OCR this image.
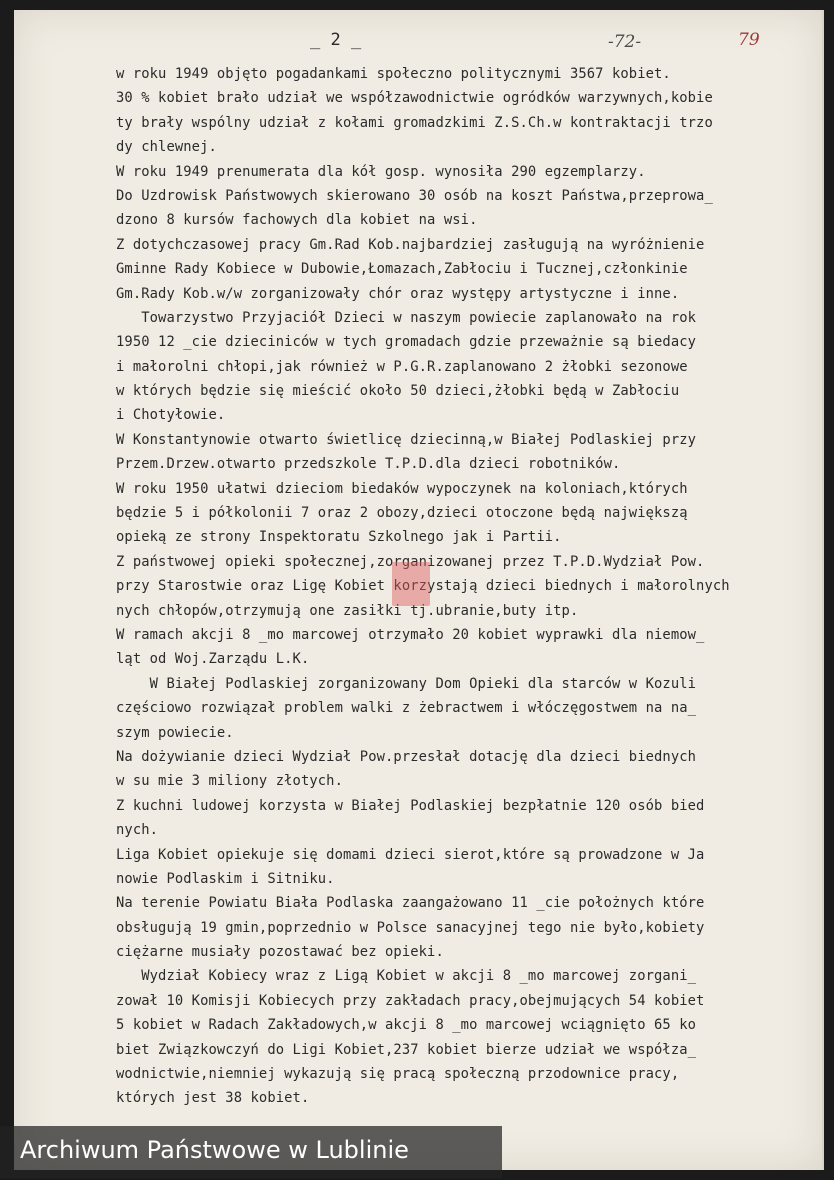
_ 2 _	-72-	79
w roku 1949 objęto pogadankami społeczno politycznymi 3567 kobiet.
30 % kobiet brało udział we współzawodnictwie ogródków warzywnych,kobie
ty brały wspólny udział z kołami gromadzkimi Z.S.Ch.w kontraktacji trzo
dy chlewnej.
W roku 1949 prenumerata dla kół gosp. wynosiła 290 egzemplarzy.
Do Uzdrowisk Państwowych skierowano 30 osób na koszt Państwa,przeprowa_
dzono 8 kursów fachowych dla kobiet na wsi.
Z dotychczasowej pracy Gm.Rad Kob.najbardziej zasługują na wyróżnienie
Gminne Rady Kobiece w Dubowie,Łomazach,Zabłociu i Tucznej,członkinie
Gm.Rady Kob.w/w zorganizowały chór oraz występy artystyczne i inne.
Towarzystwo Przyjaciół Dzieci w naszym powiecie zaplanowało na rok
1950 12 _cie dzieciniców w tych gromadach gdzie przeważnie są biedacy
i małorolni chłopi,jak również w P.G.R.zaplanowano 2 żłobki sezonowe
w których będzie się mieścić około 50 dzieci,żłobki będą w Zabłociu
i Chotyłowie.
W Konstantynowie otwarto świetlicę dziecinną,w Białej Podlaskiej przy
Przem.Drzew.otwarto przedszkole T.P.D.dla dzieci robotników.
W roku 1950 ułatwi dzieciom biedaków wypoczynek na koloniach,których
będzie 5 i półkolonii 7 oraz 2 obozy,dzieci otoczone będą największą
opieką ze strony Inspektoratu Szkolnego jak i Partii.
Z państwowej opieki społecznej,zorganizowanej przez T.P.D.Wydział Pow.
przy Starostwie oraz Ligę Kobiet korzystają dzieci biednych i małorolnych
nych chłopów,otrzymują one zasiłki tj.ubranie,buty itp.
W ramach akcji 8 _mo marcowej otrzymało 20 kobiet wyprawki dla niemow_
ląt od Woj.Zarządu L.K.
W Białej Podlaskiej zorganizowany Dom Opieki dla starców w Kozuli
częściowo rozwiązał problem walki z żebractwem i włóczęgostwem na na_
szym powiecie.
Na dożywianie dzieci Wydział Pow.przesłał dotację dla dzieci biednych
w su mie 3 miliony złotych.
Z kuchni ludowej korzysta w Białej Podlaskiej bezpłatnie 120 osób bied
nych.
Liga Kobiet opiekuje się domami dzieci sierot,które są prowadzone w Ja
nowie Podlaskim i Sitniku.
Na terenie Powiatu Biała Podlaska zaangażowano 11 _cie położnych które
obsługują 19 gmin,poprzednio w Polsce sanacyjnej tego nie było,kobiety
ciężarne musiały pozostawać bez opieki.
Wydział Kobiecy wraz z Ligą Kobiet w akcji 8 _mo marcowej zorgani_
zował 10 Komisji Kobiecych przy zakładach pracy,obejmujących 54 kobiet
5 kobiet w Radach Zakładowych,w akcji 8 _mo marcowej wciągnięto 65 ko
biet Związkowczyń do Ligi Kobiet,237 kobiet bierze udział we współza_
wodnictwie,niemniej wykazują się pracą społeczną przodownice pracy,
których jest 38 kobiet.
Archiwum Państwowe w Lublinie
